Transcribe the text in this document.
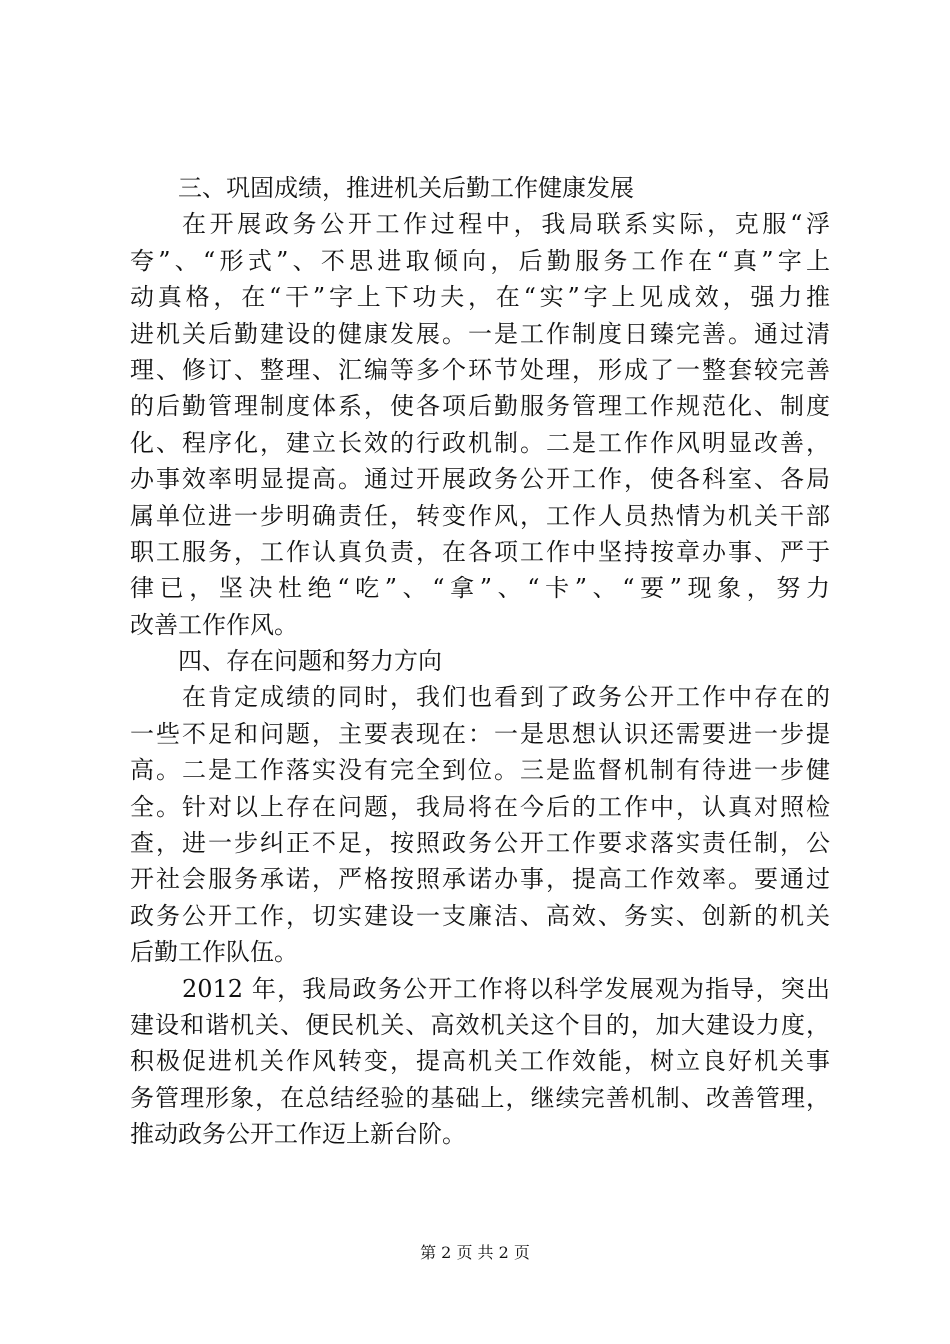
三、巩固成绩，推进机关后勤工作健康发展
在开展政务公开工作过程中，我局联系实际，克服“浮
夸”、“形式”、不思进取倾向，后勤服务工作在“真”字上
动真格，在“干”字上下功夫，在“实”字上见成效，强力推
进机关后勤建设的健康发展。一是工作制度日臻完善。通过清
理、修订、整理、汇编等多个环节处理，形成了一整套较完善
的后勤管理制度体系，使各项后勤服务管理工作规范化、制度
化、程序化，建立长效的行政机制。二是工作作风明显改善，
办事效率明显提高。通过开展政务公开工作，使各科室、各局
属单位进一步明确责任，转变作风，工作人员热情为机关干部
职工服务，工作认真负责，在各项工作中坚持按章办事、严于
律已，坚决杜绝“吃”、“拿”、“卡”、“要”现象，努力
改善工作作风。
四、存在问题和努力方向
在肯定成绩的同时，我们也看到了政务公开工作中存在的
一些不足和问题，主要表现在：一是思想认识还需要进一步提
高。二是工作落实没有完全到位。三是监督机制有待进一步健
全。针对以上存在问题，我局将在今后的工作中，认真对照检
查，进一步纠正不足，按照政务公开工作要求落实责任制，公
开社会服务承诺，严格按照承诺办事，提高工作效率。要通过
政务公开工作，切实建设一支廉洁、高效、务实、创新的机关
后勤工作队伍。
2012 年，我局政务公开工作将以科学发展观为指导，突出
建设和谐机关、便民机关、高效机关这个目的，加大建设力度，
积极促进机关作风转变，提高机关工作效能，树立良好机关事
务管理形象，在总结经验的基础上，继续完善机制、改善管理，
推动政务公开工作迈上新台阶。
第 2 页 共 2 页
